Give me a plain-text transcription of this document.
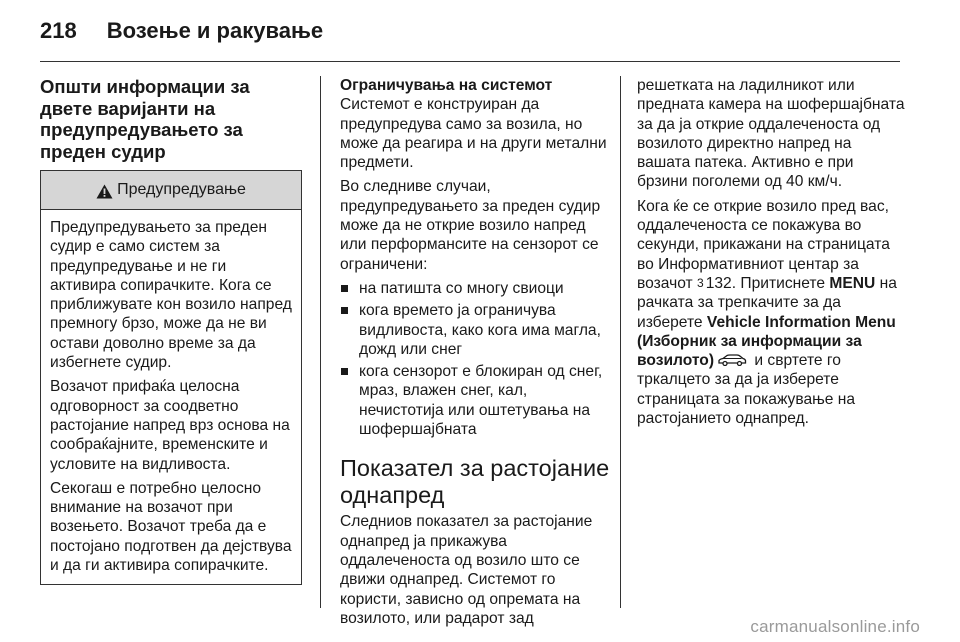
218 Возење и ракување
Општи информации за двете варијанти на предупредувањето за преден судир
Предупредување

Предупредувањето за преден судир е само систем за предупредување и не ги активира сопирачките. Кога се приближувате кон возило напред премногу брзо, може да не ви остави доволно време за да избегнете судир.

Возачот прифаќа целосна одговорност за соодветно растојание напред врз основа на сообраќајните, временските и условите на видливоста.

Секогаш е потребно целосно внимание на возачот при возењето. Возачот треба да е постојано подготвен да дејствува и да ги активира сопирачките.

Ограничувања на системот

Системот е конструиран да предупредува само за возила, но може да реагира и на други метални предмети.

Во следниве случаи, предупредувањето за преден судир може да не открие возило напред или перформансите на сензорот се ограничени:

на патишта со многу свиоци
кога времето ја ограничува видливоста, како кога има магла, дожд или снег
кога сензорот е блокиран од снег, мраз, влажен снег, кал, нечистотија или оштетувања на шофершајбната
Показател за растојание однапред

Следниов показател за растојание однапред ја прикажува оддалеченоста од возило што се движи однапред. Системот го користи, зависно од опремата на возилото, или радарот зад

решетката на ладилникот или предната камера на шофершајбната за да ја открие оддалеченоста од возилото директно напред на вашата патека. Активно е при брзини поголеми од 40 км/ч.

Кога ќе се открие возило пред вас, оддалеченоста се покажува во секунди, прикажани на страницата во Информативниот центар за возачот 3 132. Притиснете MENU на рачката за трепкачите за да изберете Vehicle Information Menu (Изборник за информации за возилото) и свртете го тркалцето за да ја изберете страницата за покажување на растојанието однапред.

carmanualsonline.info
